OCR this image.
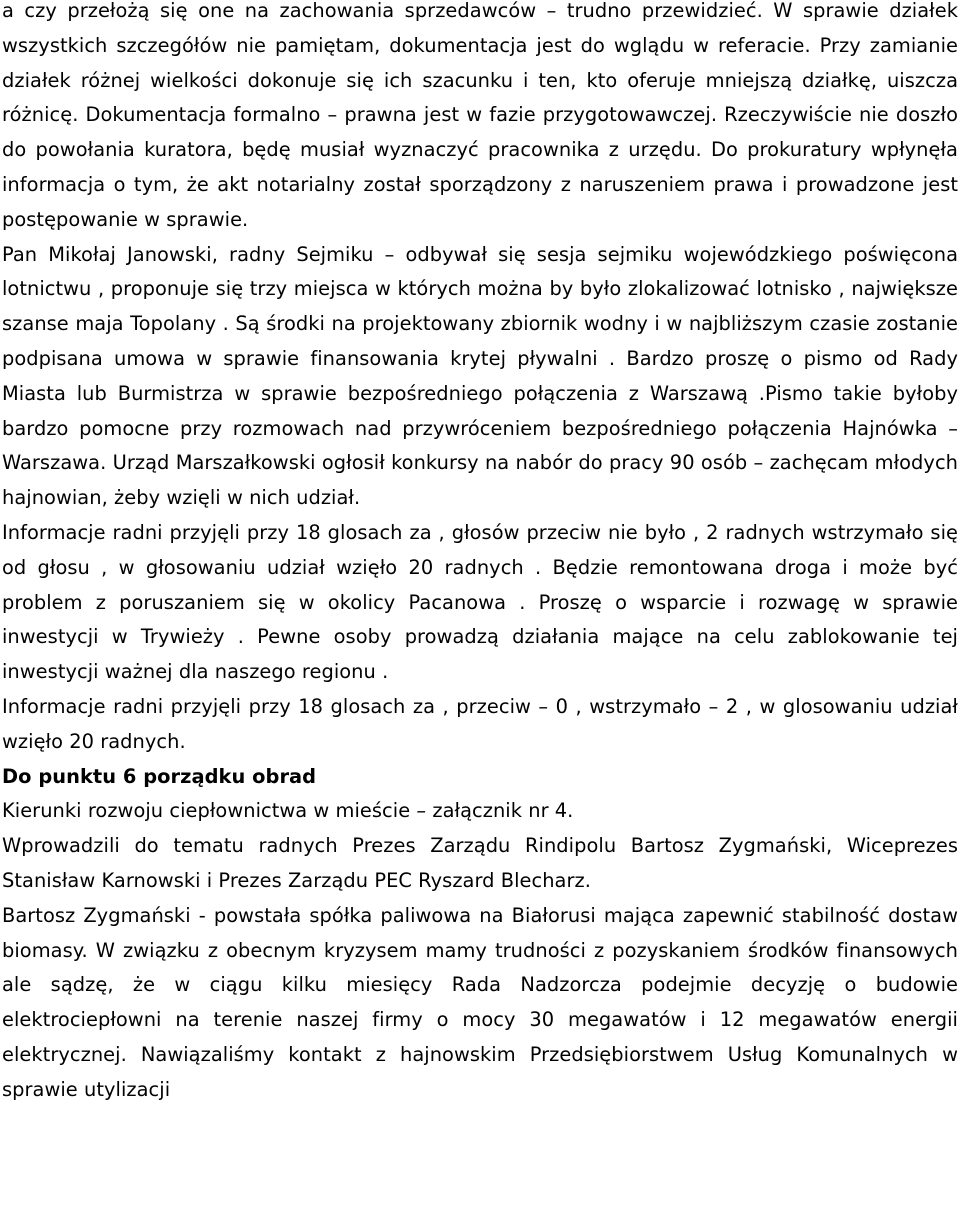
a czy przełożą się one na zachowania sprzedawców – trudno przewidzieć. W sprawie działek wszystkich szczegółów nie pamiętam, dokumentacja jest do wglądu w referacie. Przy zamianie działek różnej wielkości dokonuje się ich szacunku i ten, kto oferuje mniejszą działkę, uiszcza różnicę. Dokumentacja formalno – prawna jest w fazie przygotowawczej. Rzeczywiście nie doszło do powołania kuratora, będę musiał wyznaczyć pracownika z urzędu. Do prokuratury wpłynęła informacja o tym, że akt notarialny został sporządzony z naruszeniem prawa i prowadzone jest postępowanie w sprawie.

Pan Mikołaj Janowski, radny Sejmiku – odbywał się sesja sejmiku wojewódzkiego poświęcona lotnictwu , proponuje się trzy miejsca w których można by było zlokalizować lotnisko , największe szanse maja Topolany . Są środki na projektowany zbiornik wodny i w najbliższym czasie zostanie podpisana umowa w sprawie finansowania krytej pływalni . Bardzo proszę o pismo od Rady Miasta lub Burmistrza w sprawie bezpośredniego połączenia z Warszawą .Pismo takie byłoby bardzo pomocne przy rozmowach nad przywróceniem bezpośredniego połączenia Hajnówka – Warszawa. Urząd Marszałkowski ogłosił konkursy na nabór do pracy 90 osób – zachęcam młodych hajnowian, żeby wzięli w nich udział.

Informacje radni przyjęli przy 18 glosach za , głosów przeciw nie było , 2 radnych wstrzymało się od głosu , w głosowaniu udział wzięło 20 radnych . Będzie remontowana droga i może być problem z poruszaniem się w okolicy Pacanowa . Proszę o wsparcie i rozwagę w sprawie inwestycji w Trywieży . Pewne osoby prowadzą działania mające na celu zablokowanie tej inwestycji ważnej dla naszego regionu .

Informacje radni przyjęli przy 18 glosach za , przeciw – 0 , wstrzymało – 2 , w glosowaniu udział wzięło 20 radnych.

Do punktu 6 porządku obrad

Kierunki rozwoju ciepłownictwa w mieście – załącznik nr 4.

Wprowadzili do tematu radnych Prezes Zarządu Rindipolu Bartosz Zygmański, Wiceprezes Stanisław Karnowski i Prezes Zarządu PEC Ryszard Blecharz.

Bartosz Zygmański - powstała spółka paliwowa na Białorusi mająca zapewnić stabilność dostaw biomasy. W związku z obecnym kryzysem mamy trudności z pozyskaniem środków finansowych ale sądzę, że w ciągu kilku miesięcy Rada Nadzorcza podejmie decyzję o budowie elektrociepłowni na terenie naszej firmy o mocy 30 megawatów i 12 megawatów energii elektrycznej. Nawiązaliśmy kontakt z hajnowskim Przedsiębiorstwem Usług Komunalnych w sprawie utylizacji
